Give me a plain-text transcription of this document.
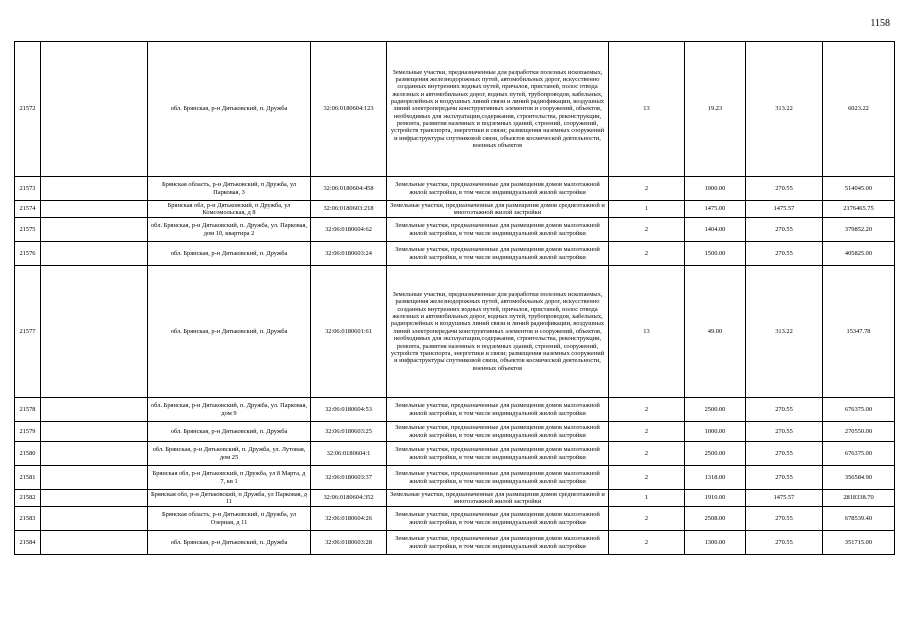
1158
21572		обл. Брянская, р-н Дятьковский, п. Дружба	32:06:0180604:123	Земельные участки, предназначенные для разработки полезных ископаемых, размещения железнодорожных путей, автомобильных дорог, искусственно созданных внутренних водных путей, причалов, пристаней, полос отвода железных и автомобильных дорог, водных путей, трубопроводов, кабельных, радиорелейных и воздушных линий связи и линий радиофикации, воздушных линий электропередачи конструктивных элементов и сооружений, объектов, необходимых для эксплуатации,содержания, строительства, реконструкции, ремонта, развития наземных и подземных зданий, строений, сооружений, устройств транспорта, энергетики и связи; размещения наземных сооружений и инфраструктуры спутниковой связи, объектов космической деятельности, военных объектов	13	19.23	313.22	6023.22
21573		Брянская область, р-н Дятьковский, п Дружба, ул Парковая, 3	32:06:0180604:458	Земельные участки, предназначенные для размещения домов малоэтажной жилой застройки, в том числе индивидуальной жилой застройки	2	1900.00	270.55	514045.00
21574		Брянская обл, р-н Дятьковский, п Дружба, ул Комсомольская, д 8	32:06:0180603:218	Земельные участки, предназначенные для размещения домов среднеэтажной и многоэтажной жилой застройки	1	1475.00	1475.57	2176465.75
21575		обл. Брянская, р-н Дятьковский, п. Дружба, ул. Парковая, дом 10, квартира 2	32:06:0180604:62	Земельные участки, предназначенные для размещения домов малоэтажной жилой застройки, в том числе индивидуальной жилой застройки	2	1404.00	270.55	379852.20
21576		обл. Брянская, р-н Дятьковский, п. Дружба	32:06:0180603:24	Земельные участки, предназначенные для размещения домов малоэтажной жилой застройки, в том числе индивидуальной жилой застройки	2	1500.00	270.55	405825.00
21577		обл. Брянская, р-н Дятьковский, п. Дружба	32:06:0180601:61	Земельные участки, предназначенные для разработки полезных ископаемых, размещения железнодорожных путей, автомобильных дорог, искусственно созданных внутренних водных путей, причалов, пристаней, полос отвода железных и автомобильных дорог, водных путей, трубопроводов, кабельных, радиорелейных и воздушных линий связи и линий радиофикации, воздушных линий электропередачи конструктивных элементов и сооружений, объектов, необходимых для эксплуатации,содержания, строительства, реконструкции, ремонта, развития наземных и подземных зданий, строений, сооружений, устройств транспорта, энергетики и связи; размещения наземных сооружений и инфраструктуры спутниковой связи, объектов космической деятельности, военных объектов	13	49.00	313.22	15347.78
21578		обл. Брянская, р-н Дятьковский, п. Дружба, ул. Парковая, дом 9	32:06:0180604:53	Земельные участки, предназначенные для размещения домов малоэтажной жилой застройки, в том числе индивидуальной жилой застройки	2	2500.00	270.55	676375.00
21579		обл. Брянская, р-н Дятьковский, п. Дружба	32:06:0180603:25	Земельные участки, предназначенные для размещения домов малоэтажной жилой застройки, в том числе индивидуальной жилой застройки	2	1000.00	270.55	270550.00
21580		обл. Брянская, р-н Дятьковский, п. Дружба, ул. Лутовая, дом 25	32:06:0180604:1	Земельные участки, предназначенные для размещения домов малоэтажной жилой застройки, в том числе индивидуальной жилой застройки	2	2500.00	270.55	676375.00
21581		Брянская обл, р-н Дятьковский, п Дружба, ул 8 Марта, д 7, кв 1	32:06:0180603:37	Земельные участки, предназначенные для размещения домов малоэтажной жилой застройки, в том числе индивидуальной жилой застройки	2	1318.00	270.55	356584.90
21582		Брянская обл, р-н Дятьковский, п Дружба, ул Парковая, д 11	32:06:0180604:352	Земельные участки, предназначенные для размещения домов среднеэтажной и многоэтажной жилой застройки	1	1910.00	1475.57	2818338.70
21583		Брянская область, р-н Дятьковский, п Дружба, ул Озерная, д 11	32:06:0180604:26	Земельные участки, предназначенные для размещения домов малоэтажной жилой застройки, в том числе индивидуальной жилой застройки	2	2508.00	270.55	678539.40
21584		обл. Брянская, р-н Дятьковский, п. Дружба	32:06:0180603:28	Земельные участки, предназначенные для размещения домов малоэтажной жилой застройки, в том числе индивидуальной жилой застройки	2	1300.00	270.55	351715.00
